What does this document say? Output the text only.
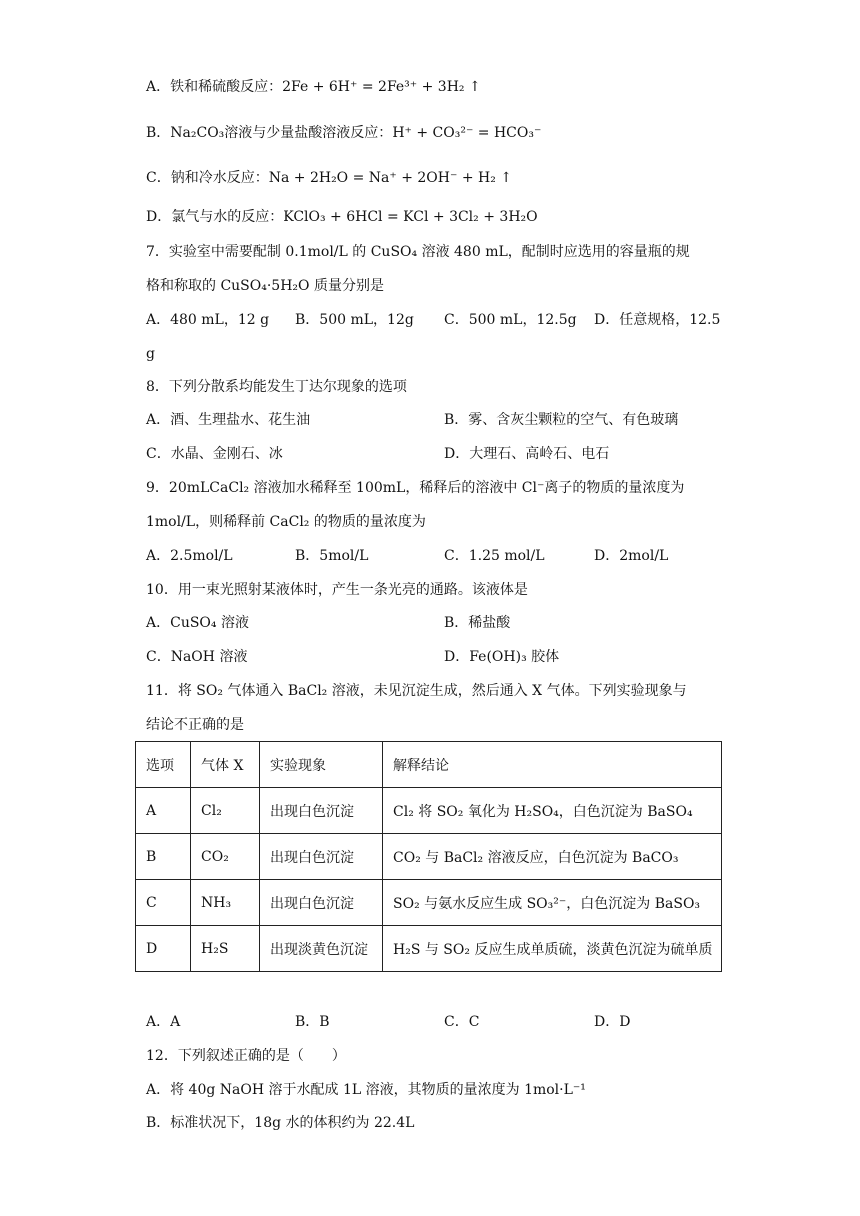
A．铁和稀硫酸反应：2Fe + 6H⁺ = 2Fe³⁺ + 3H₂ ↑
B．Na₂CO₃溶液与少量盐酸溶液反应：H⁺ + CO₃²⁻ = HCO₃⁻
C．钠和冷水反应：Na + 2H₂O = Na⁺ + 2OH⁻ + H₂ ↑
D．氯气与水的反应：KClO₃ + 6HCl = KCl + 3Cl₂ + 3H₂O
7．实验室中需要配制 0.1mol/L 的 CuSO₄ 溶液 480 mL，配制时应选用的容量瓶的规
格和称取的 CuSO₄·5H₂O 质量分别是
A．480 mL，12 g B．500 mL，12g C．500 mL，12.5g D．任意规格，12.5
g
8．下列分散系均能发生丁达尔现象的选项
A．酒、生理盐水、花生油	B．雾、含灰尘颗粒的空气、有色玻璃
C．水晶、金刚石、冰	D．大理石、高岭石、电石
9．20mLCaCl₂ 溶液加水稀释至 100mL，稀释后的溶液中 Cl⁻离子的物质的量浓度为
1mol/L，则稀释前 CaCl₂ 的物质的量浓度为
A．2.5mol/L	B．5mol/L	C．1.25 mol/L	D．2mol/L
10．用一束光照射某液体时，产生一条光亮的通路。该液体是
A．CuSO₄ 溶液	B．稀盐酸
C．NaOH 溶液	D．Fe(OH)₃ 胶体
11．将 SO₂ 气体通入 BaCl₂ 溶液，未见沉淀生成，然后通入 X 气体。下列实验现象与
结论不正确的是
选项	气体 X	实验现象	解释结论
A	Cl₂	出现白色沉淀	Cl₂ 将 SO₂ 氧化为 H₂SO₄，白色沉淀为 BaSO₄
B	CO₂	出现白色沉淀	CO₂ 与 BaCl₂ 溶液反应，白色沉淀为 BaCO₃
C	NH₃	出现白色沉淀	SO₂ 与氨水反应生成 SO₃²⁻，白色沉淀为 BaSO₃
D	H₂S	出现淡黄色沉淀	H₂S 与 SO₂ 反应生成单质硫，淡黄色沉淀为硫单质
A．A	B．B	C．C	D．D
12．下列叙述正确的是（　　）
A．将 40g NaOH 溶于水配成 1L 溶液，其物质的量浓度为 1mol·L⁻¹
B．标准状况下，18g 水的体积约为 22.4L
